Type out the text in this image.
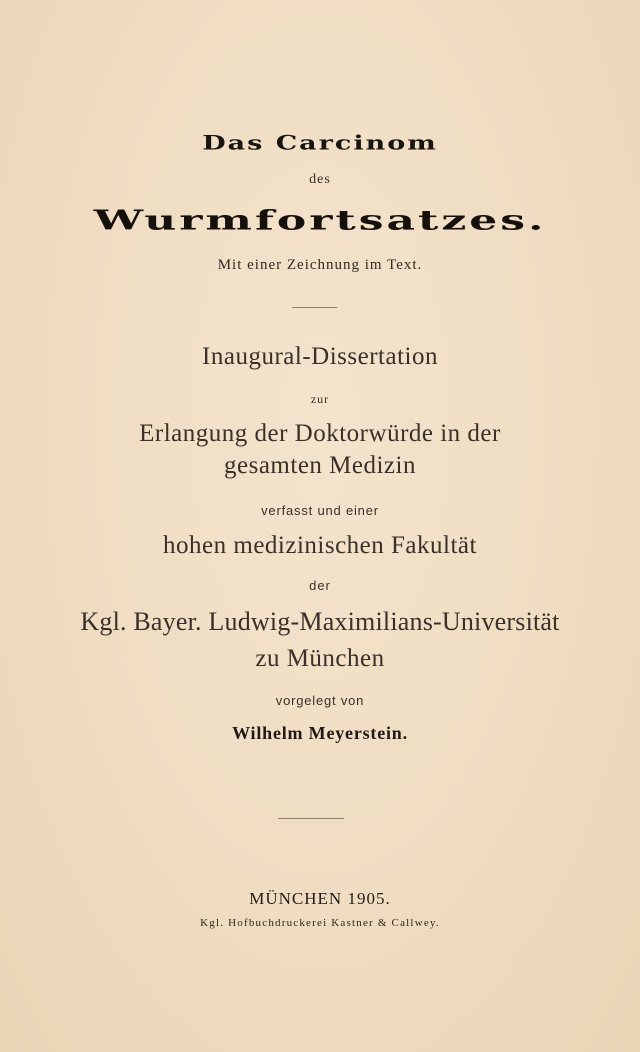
Das Carcinom
des
Wurmfortsatzes.
Mit einer Zeichnung im Text.
Inaugural-Dissertation
zur
Erlangung der Doktorwürde in der
gesamten Medizin
verfasst und einer
hohen medizinischen Fakultät
der
Kgl. Bayer. Ludwig-Maximilians-Universität
zu München
vorgelegt von
Wilhelm Meyerstein.
MÜNCHEN 1905.
Kgl. Hofbuchdruckerei Kastner & Callwey.
